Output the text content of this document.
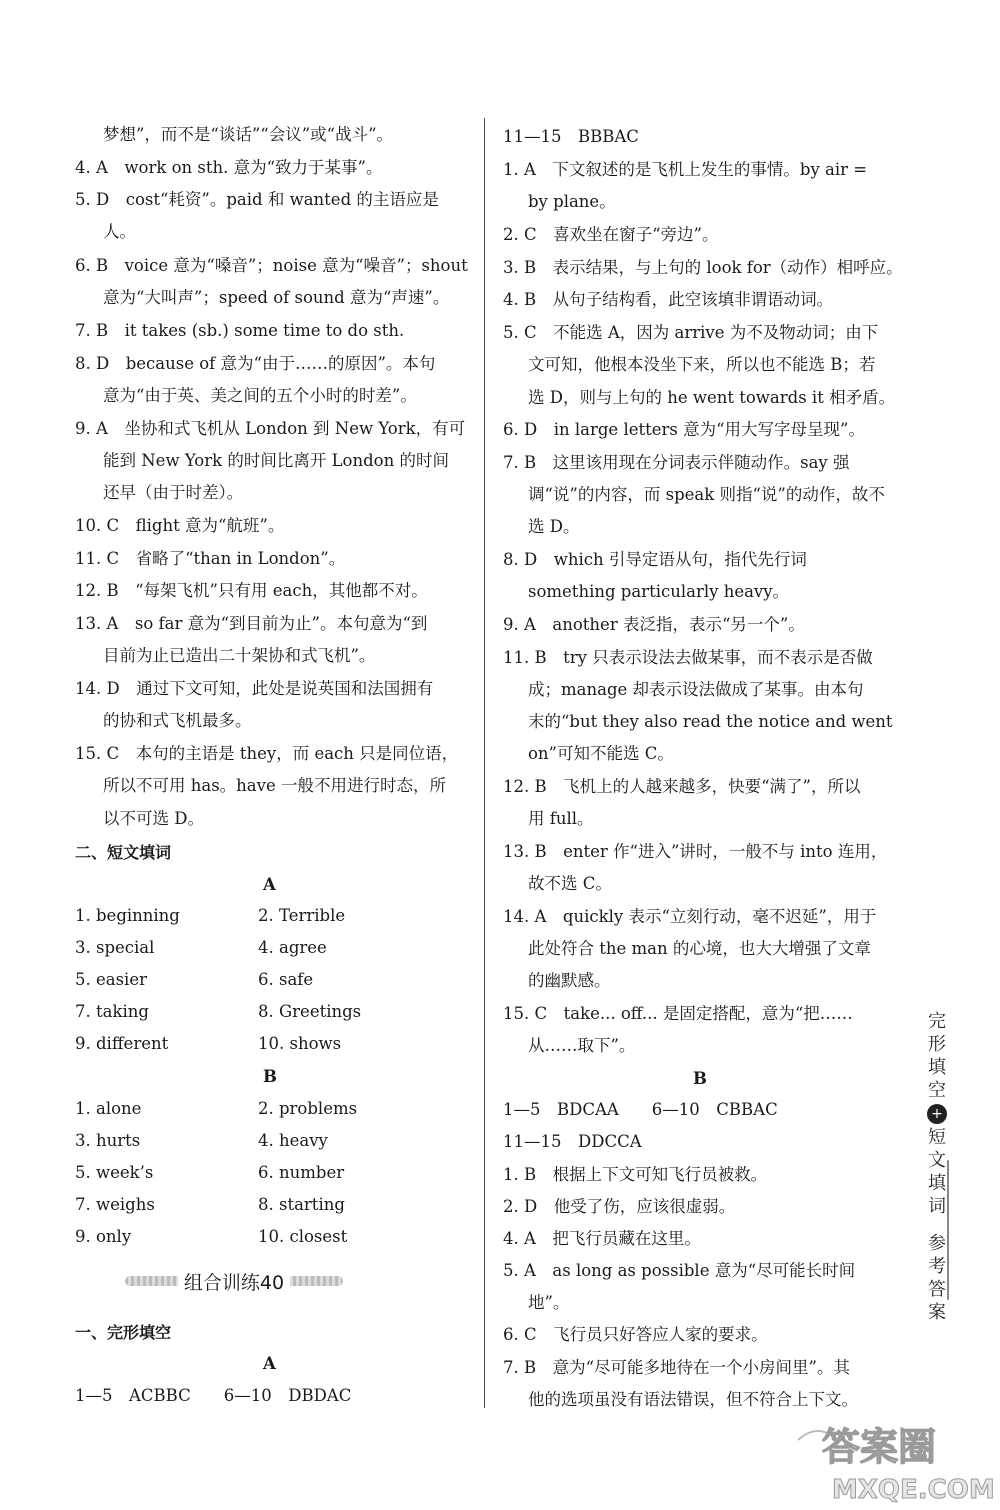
梦想”，而不是“谈话”“会议”或“战斗”。
4. A　work on sth. 意为“致力于某事”。
5. D　cost“耗资”。paid 和 wanted 的主语应是
人。
6. B　voice 意为“嗓音”；noise 意为“噪音”；shout
意为“大叫声”；speed of sound 意为“声速”。
7. B　it takes (sb.) some time to do sth.
8. D　because of 意为“由于……的原因”。本句
意为“由于英、美之间的五个小时的时差”。
9. A　坐协和式飞机从 London 到 New York，有可
能到 New York 的时间比离开 London 的时间
还早（由于时差）。
10. C　flight 意为“航班”。
11. C　省略了“than in London”。
12. B　“每架飞机”只有用 each，其他都不对。
13. A　so far 意为“到目前为止”。本句意为“到
目前为止已造出二十架协和式飞机”。
14. D　通过下文可知，此处是说英国和法国拥有
的协和式飞机最多。
15. C　本句的主语是 they，而 each 只是同位语，
所以不可用 has。have 一般不用进行时态，所
以不可选 D。
二、短文填词
A
1. beginning	2. Terrible
3. special	4. agree
5. easier	6. safe
7. taking	8. Greetings
9. different	10. shows
B
1. alone	2. problems
3. hurts	4. heavy
5. week’s	6. number
7. weighs	8. starting
9. only	10. closest
组合训练40
一、完形填空
A
1—5　ACBBC　　6—10　DBDAC
11—15　BBBAC
1. A　下文叙述的是飞机上发生的事情。by air =
by plane。
2. C　喜欢坐在窗子“旁边”。
3. B　表示结果，与上句的 look for（动作）相呼应。
4. B　从句子结构看，此空该填非谓语动词。
5. C　不能选 A，因为 arrive 为不及物动词；由下
文可知，他根本没坐下来，所以也不能选 B；若
选 D，则与上句的 he went towards it 相矛盾。
6. D　in large letters 意为“用大写字母呈现”。
7. B　这里该用现在分词表示伴随动作。say 强
调“说”的内容，而 speak 则指“说”的动作，故不
选 D。
8. D　which 引导定语从句，指代先行词
something particularly heavy。
9. A　another 表泛指，表示“另一个”。
11. B　try 只表示设法去做某事，而不表示是否做
成；manage 却表示设法做成了某事。由本句
末的“but they also read the notice and went
on”可知不能选 C。
12. B　飞机上的人越来越多，快要“满了”，所以
用 full。
13. B　enter 作“进入”讲时，一般不与 into 连用，
故不选 C。
14. A　quickly 表示“立刻行动，毫不迟延”，用于
此处符合 the man 的心境，也大大增强了文章
的幽默感。
15. C　take... off... 是固定搭配，意为“把……
从……取下”。
B
1—5　BDCAA　　6—10　CBBAC
11—15　DDCCA
1. B　根据上下文可知飞行员被救。
2. D　他受了伤，应该很虚弱。
4. A　把飞行员藏在这里。
5. A　as long as possible 意为“尽可能长时间
地”。
6. C　飞行员只好答应人家的要求。
7. B　意为“尽可能多地待在一个小房间里”。其
他的选项虽没有语法错误，但不符合上下文。
完
形
填
空
+
短
文
填
词
参
考
答
案
答案圈
MXQE.COM
